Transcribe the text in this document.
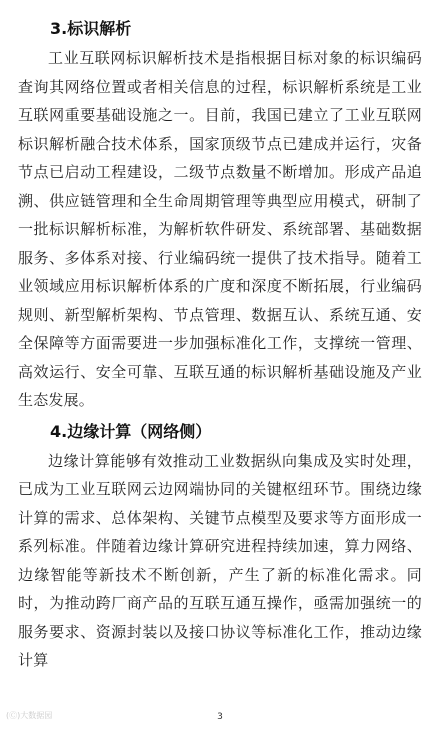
3.标识解析

工业互联网标识解析技术是指根据目标对象的标识编码查询其网络位置或者相关信息的过程，标识解析系统是工业互联网重要基础设施之一。目前，我国已建立了工业互联网标识解析融合技术体系，国家顶级节点已建成并运行，灾备节点已启动工程建设，二级节点数量不断增加。形成产品追溯、供应链管理和全生命周期管理等典型应用模式，研制了一批标识解析标准，为解析软件研发、系统部署、基础数据服务、多体系对接、行业编码统一提供了技术指导。随着工业领域应用标识解析体系的广度和深度不断拓展，行业编码规则、新型解析架构、节点管理、数据互认、系统互通、安全保障等方面需要进一步加强标准化工作，支撑统一管理、高效运行、安全可靠、互联互通的标识解析基础设施及产业生态发展。

4.边缘计算（网络侧）

边缘计算能够有效推动工业数据纵向集成及实时处理，已成为工业互联网云边网端协同的关键枢纽环节。围绕边缘计算的需求、总体架构、关键节点模型及要求等方面形成一系列标准。伴随着边缘计算研究进程持续加速，算力网络、边缘智能等新技术不断创新，产生了新的标准化需求。同时，为推动跨厂商产品的互联互通互操作，亟需加强统一的服务要求、资源封装以及接口协议等标准化工作，推动边缘计算

(Ⓒ)大数据园	3
